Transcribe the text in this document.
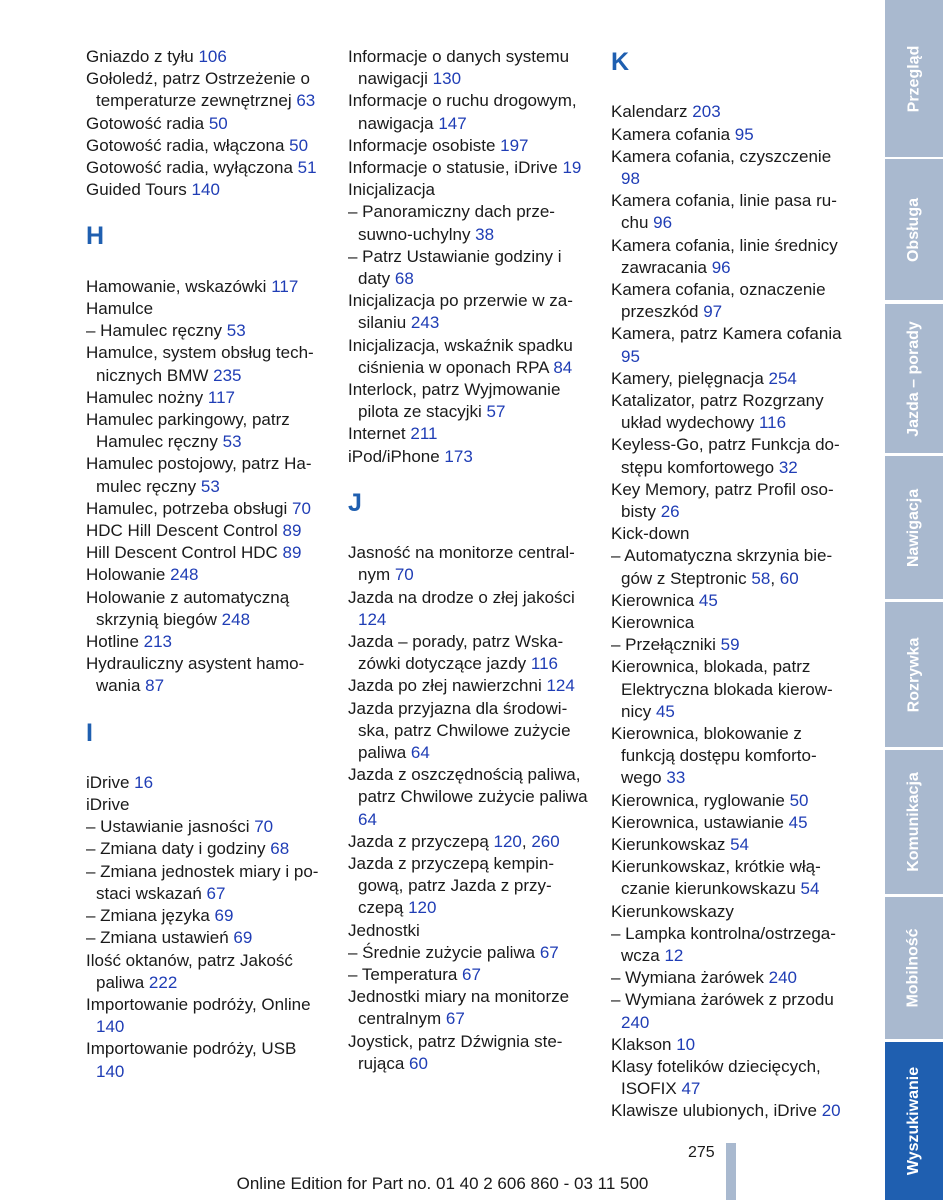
Gniazdo z tyłu 106
Gołoledź, patrz Ostrzeżenie o temperaturze zewnętrznej 63
Gotowość radia 50
Gotowość radia, włączona 50
Gotowość radia, wyłączona 51
Guided Tours 140
H
Hamowanie, wskazówki 117
Hamulce
– Hamulec ręczny 53
Hamulce, system obsług technicznych BMW 235
Hamulec nożny 117
Hamulec parkingowy, patrz Hamulec ręczny 53
Hamulec postojowy, patrz Hamulec ręczny 53
Hamulec, potrzeba obsługi 70
HDC Hill Descent Control 89
Hill Descent Control HDC 89
Holowanie 248
Holowanie z automatyczną skrzynią biegów 248
Hotline 213
Hydrauliczny asystent hamowania 87
I
iDrive 16
iDrive
– Ustawianie jasności 70
– Zmiana daty i godziny 68
– Zmiana jednostek miary i postaci wskazań 67
– Zmiana języka 69
– Zmiana ustawień 69
Ilość oktanów, patrz Jakość paliwa 222
Importowanie podróży, Online 140
Importowanie podróży, USB 140
Informacje o danych systemu nawigacji 130
Informacje o ruchu drogowym, nawigacja 147
Informacje osobiste 197
Informacje o statusie, iDrive 19
Inicjalizacja
– Panoramiczny dach przesuwno-uchylny 38
– Patrz Ustawianie godziny i daty 68
Inicjalizacja po przerwie w zasilaniu 243
Inicjalizacja, wskaźnik spadku ciśnienia w oponach RPA 84
Interlock, patrz Wyjmowanie pilota ze stacyjki 57
Internet 211
iPod/iPhone 173
J
Jasność na monitorze centralnym 70
Jazda na drodze o złej jakości 124
Jazda – porady, patrz Wskazówki dotyczące jazdy 116
Jazda po złej nawierzchni 124
Jazda przyjazna dla środowiska, patrz Chwilowe zużycie paliwa 64
Jazda z oszczędnością paliwa, patrz Chwilowe zużycie paliwa 64
Jazda z przyczepą 120, 260
Jazda z przyczepą kempingową, patrz Jazda z przyczepą 120
Jednostki
– Średnie zużycie paliwa 67
– Temperatura 67
Jednostki miary na monitorze centralnym 67
Joystick, patrz Dźwignia sterująca 60
K
Kalendarz 203
Kamera cofania 95
Kamera cofania, czyszczenie 98
Kamera cofania, linie pasa ruchu 96
Kamera cofania, linie średnicy zawracania 96
Kamera cofania, oznaczenie przeszkód 97
Kamera, patrz Kamera cofania 95
Kamery, pielęgnacja 254
Katalizator, patrz Rozgrzany układ wydechowy 116
Keyless-Go, patrz Funkcja dostępu komfortowego 32
Key Memory, patrz Profil osobisty 26
Kick-down
– Automatyczna skrzynia biegów z Steptronic 58, 60
Kierownica 45
Kierownica
– Przełączniki 59
Kierownica, blokada, patrz Elektryczna blokada kierownicy 45
Kierownica, blokowanie z funkcją dostępu komfortowego 33
Kierownica, ryglowanie 50
Kierownica, ustawianie 45
Kierunkowskaz 54
Kierunkowskaz, krótkie włączanie kierunkowskazu 54
Kierunkowskazy
– Lampka kontrolna/ostrzegawcza 12
– Wymiana żarówek 240
– Wymiana żarówek z przodu 240
Klakson 10
Klasy fotelików dziecięcych, ISOFIX 47
Klawisze ulubionych, iDrive 20
Przegląd
Obsługa
Jazda – porady
Nawigacja
Rozrywka
Komunikacja
Mobilność
Wyszukiwanie
275
Online Edition for Part no. 01 40 2 606 860 - 03 11 500
